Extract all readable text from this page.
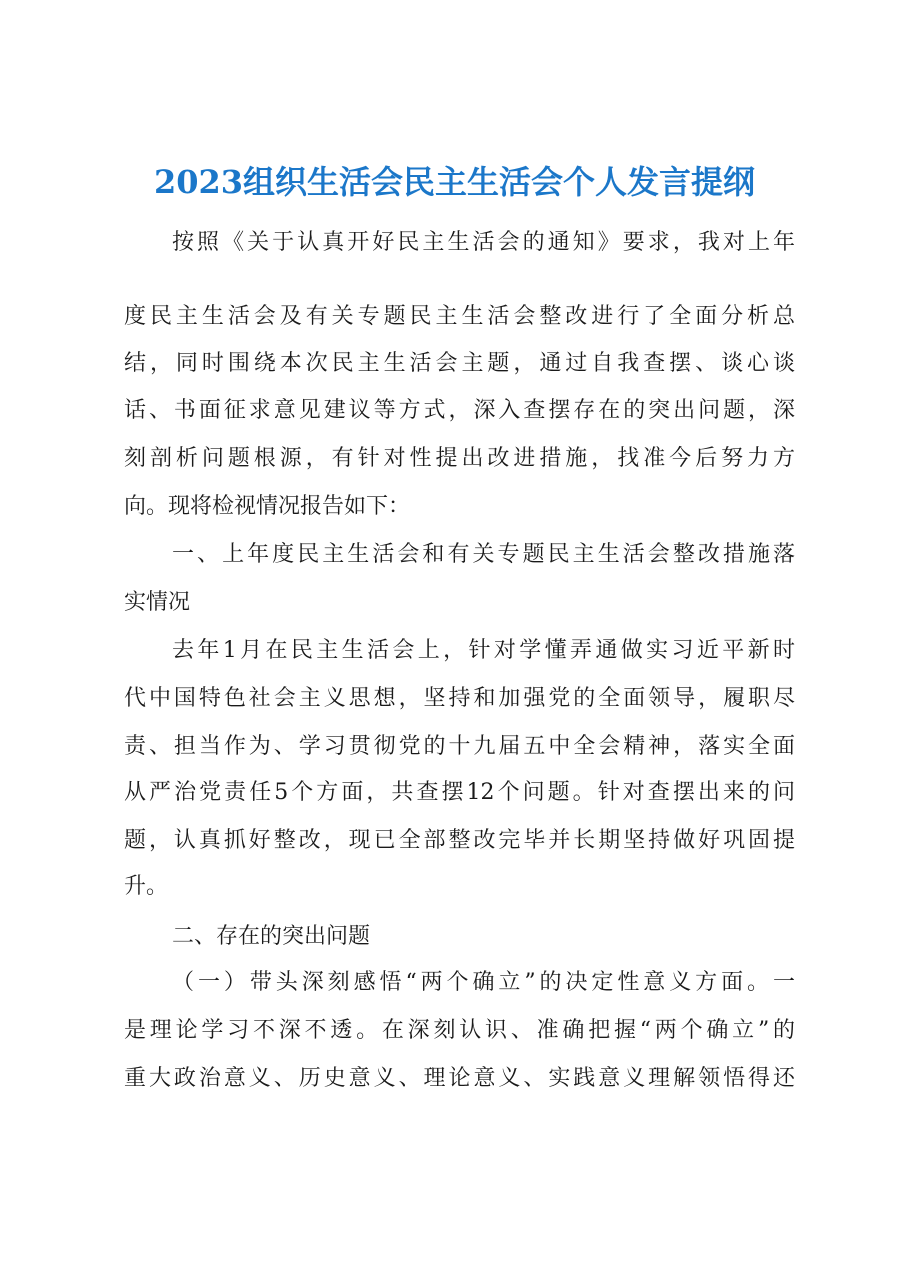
2023组织生活会民主生活会个人发言提纲
按照《关于认真开好民主生活会的通知》要求，我对上年
度民主生活会及有关专题民主生活会整改进行了全面分析总
结，同时围绕本次民主生活会主题，通过自我查摆、谈心谈
话、书面征求意见建议等方式，深入查摆存在的突出问题，深
刻剖析问题根源，有针对性提出改进措施，找准今后努力方
向。现将检视情况报告如下：
一、上年度民主生活会和有关专题民主生活会整改措施落
实情况
去年1月在民主生活会上，针对学懂弄通做实习近平新时
代中国特色社会主义思想，坚持和加强党的全面领导，履职尽
责、担当作为、学习贯彻党的十九届五中全会精神，落实全面
从严治党责任5个方面，共查摆12个问题。针对查摆出来的问
题，认真抓好整改，现已全部整改完毕并长期坚持做好巩固提
升。
二、存在的突出问题
（一）带头深刻感悟“两个确立”的决定性意义方面。一
是理论学习不深不透。在深刻认识、准确把握“两个确立”的
重大政治意义、历史意义、理论意义、实践意义理解领悟得还
